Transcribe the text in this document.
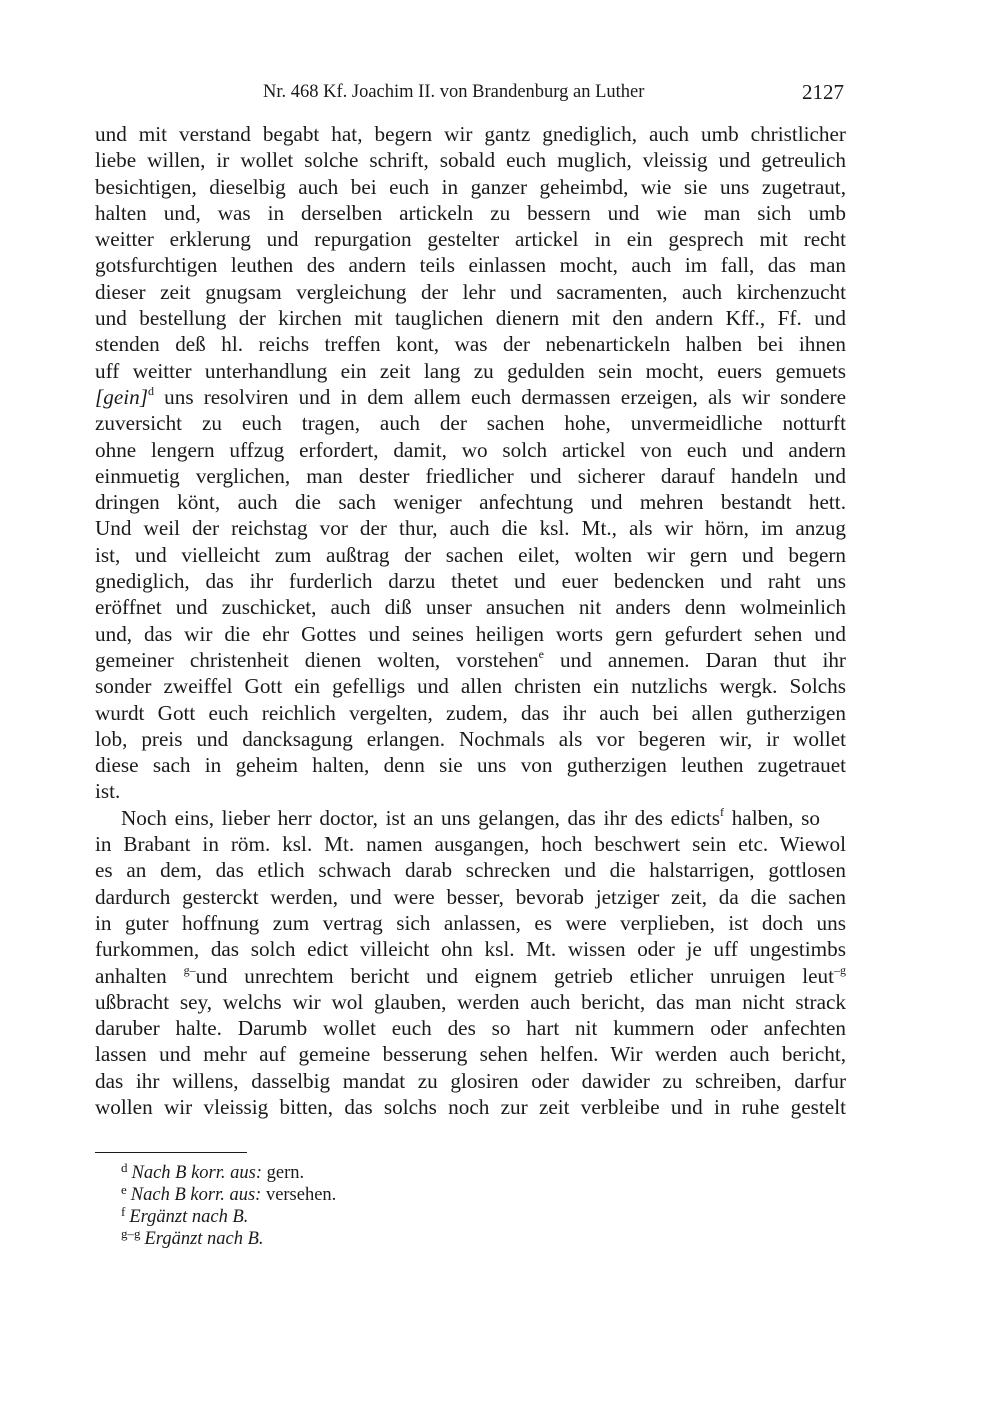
Nr. 468 Kf. Joachim II. von Brandenburg an Luther	2127
und mit verstand begabt hat, begern wir gantz gnediglich, auch umb christlicher
liebe willen, ir wollet solche schrift, sobald euch muglich, vleissig und getreulich
besichtigen, dieselbig auch bei euch in ganzer geheimbd, wie sie uns zugetraut,
halten und, was in derselben artickeln zu bessern und wie man sich umb
weitter erklerung und repurgation gestelter artickel in ein gesprech mit recht
gotsfurchtigen leuthen des andern teils einlassen mocht, auch im fall, das man
dieser zeit gnugsam vergleichung der lehr und sacramenten, auch kirchenzucht
und bestellung der kirchen mit tauglichen dienern mit den andern Kff., Ff. und
stenden deß hl. reichs treffen kont, was der nebenartickeln halben bei ihnen
uff weitter unterhandlung ein zeit lang zu gedulden sein mocht, euers gemuets
[gein]$^d$ uns resolviren und in dem allem euch dermassen erzeigen, als wir sondere
zuversicht zu euch tragen, auch der sachen hohe, unvermeidliche notturft
ohne lengern uffzug erfordert, damit, wo solch artickel von euch und andern
einmuetig verglichen, man dester friedlicher und sicherer darauf handeln und
dringen könt, auch die sach weniger anfechtung und mehren bestandt hett.
Und weil der reichstag vor der thur, auch die ksl. Mt., als wir hörn, im anzug
ist, und vielleicht zum außtrag der sachen eilet, wolten wir gern und begern
gnediglich, das ihr furderlich darzu thetet und euer bedencken und raht uns
eröffnet und zuschicket, auch diß unser ansuchen nit anders denn wolmeinlich
und, das wir die ehr Gottes und seines heiligen worts gern gefurdert sehen und
gemeiner christenheit dienen wolten, vorstehen$^e$ und annemen. Daran thut ihr
sonder zweiffel Gott ein gefelligs und allen christen ein nutzlichs wergk. Solchs
wurdt Gott euch reichlich vergelten, zudem, das ihr auch bei allen gutherzigen
lob, preis und dancksagung erlangen. Nochmals als vor begeren wir, ir wollet
diese sach in geheim halten, denn sie uns von gutherzigen leuthen zugetrauet
ist.
Noch eins, lieber herr doctor, ist an uns gelangen, das ihr des edicts$^f$ halben, so
in Brabant in röm. ksl. Mt. namen ausgangen, hoch beschwert sein etc. Wiewol
es an dem, das etlich schwach darab schrecken und die halstarrigen, gottlosen
dardurch gesterckt werden, und were besser, bevorab jetziger zeit, da die sachen
in guter hoffnung zum vertrag sich anlassen, es were verplieben, ist doch uns
furkommen, das solch edict villeicht ohn ksl. Mt. wissen oder je uff ungestimbs
anhalten $^{g-}$und unrechtem bericht und eignem getrieb etlicher unruigen leut$^{-g}$
ußbracht sey, welchs wir wol glauben, werden auch bericht, das man nicht strack
daruber halte. Darumb wollet euch des so hart nit kummern oder anfechten
lassen und mehr auf gemeine besserung sehen helfen. Wir werden auch bericht,
das ihr willens, dasselbig mandat zu glosiren oder dawider zu schreiben, darfur
wollen wir vleissig bitten, das solchs noch zur zeit verbleibe und in ruhe gestelt
$^d$ Nach B korr. aus: gern.
$^e$ Nach B korr. aus: versehen.
$^f$ Ergänzt nach B.
$^{g-g}$ Ergänzt nach B.
